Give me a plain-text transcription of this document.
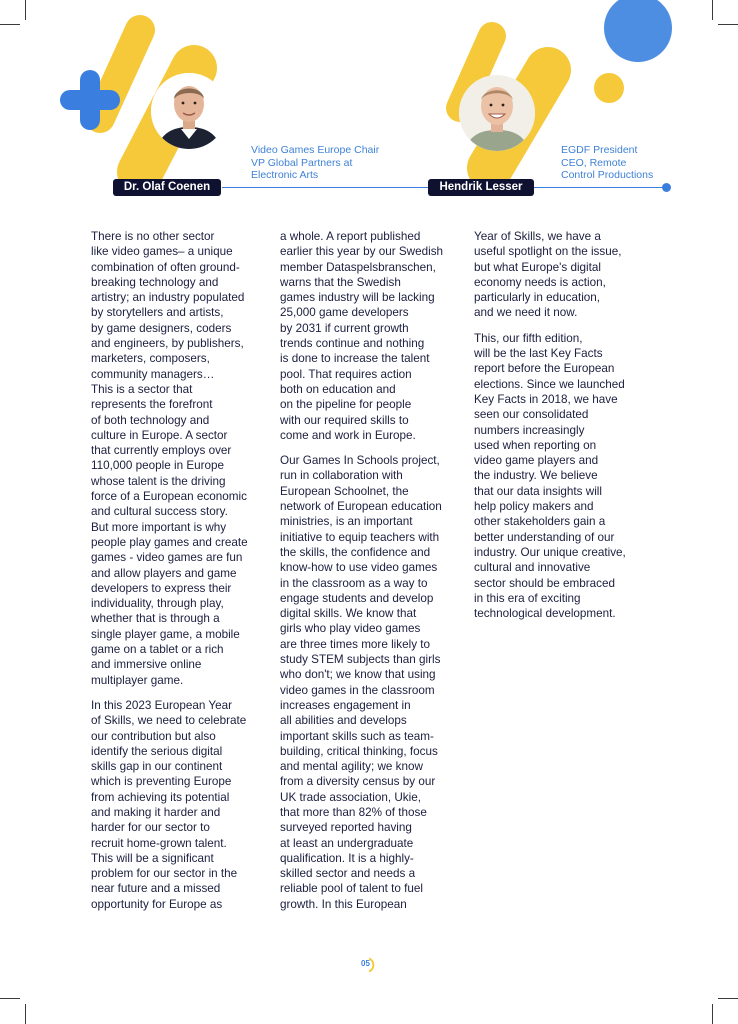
Video Games Europe Chair
VP Global Partners at
Electronic Arts
EGDF President
CEO, Remote
Control Productions
Dr. Olaf Coenen	Hendrik Lesser

There is no other sector
like video games– a unique
combination of often ground-
breaking technology and
artistry; an industry populated
by storytellers and artists,
by game designers, coders
and engineers, by publishers,
marketers, composers,
community managers…
This is a sector that
represents the forefront
of both technology and
culture in Europe. A sector
that currently employs over
110,000 people in Europe
whose talent is the driving
force of a European economic
and cultural success story.
But more important is why
people play games and create
games - video games are fun
and allow players and game
developers to express their
individuality, through play,
whether that is through a
single player game, a mobile
game on a tablet or a rich
and immersive online
multiplayer game.

In this 2023 European Year
of Skills, we need to celebrate
our contribution but also
identify the serious digital
skills gap in our continent
which is preventing Europe
from achieving its potential
and making it harder and
harder for our sector to
recruit home-grown talent.
This will be a significant
problem for our sector in the
near future and a missed
opportunity for Europe as

a whole. A report published
earlier this year by our Swedish
member Dataspelsbranschen,
warns that the Swedish
games industry will be lacking
25,000 game developers
by 2031 if current growth
trends continue and nothing
is done to increase the talent
pool. That requires action
both on education and
on the pipeline for people
with our required skills to
come and work in Europe.

Our Games In Schools project,
run in collaboration with
European Schoolnet, the
network of European education
ministries, is an important
initiative to equip teachers with
the skills, the confidence and
know-how to use video games
in the classroom as a way to
engage students and develop
digital skills. We know that
girls who play video games
are three times more likely to
study STEM subjects than girls
who don't; we know that using
video games in the classroom
increases engagement in
all abilities and develops
important skills such as team-
building, critical thinking, focus
and mental agility; we know
from a diversity census by our
UK trade association, Ukie,
that more than 82% of those
surveyed reported having
at least an undergraduate
qualification. It is a highly-
skilled sector and needs a
reliable pool of talent to fuel
growth. In this European

Year of Skills, we have a
useful spotlight on the issue,
but what Europe's digital
economy needs is action,
particularly in education,
and we need it now.

This, our fifth edition,
will be the last Key Facts
report before the European
elections. Since we launched
Key Facts in 2018, we have
seen our consolidated
numbers increasingly
used when reporting on
video game players and
the industry. We believe
that our data insights will
help policy makers and
other stakeholders gain a
better understanding of our
industry. Our unique creative,
cultural and innovative
sector should be embraced
in this era of exciting
technological development.

05
